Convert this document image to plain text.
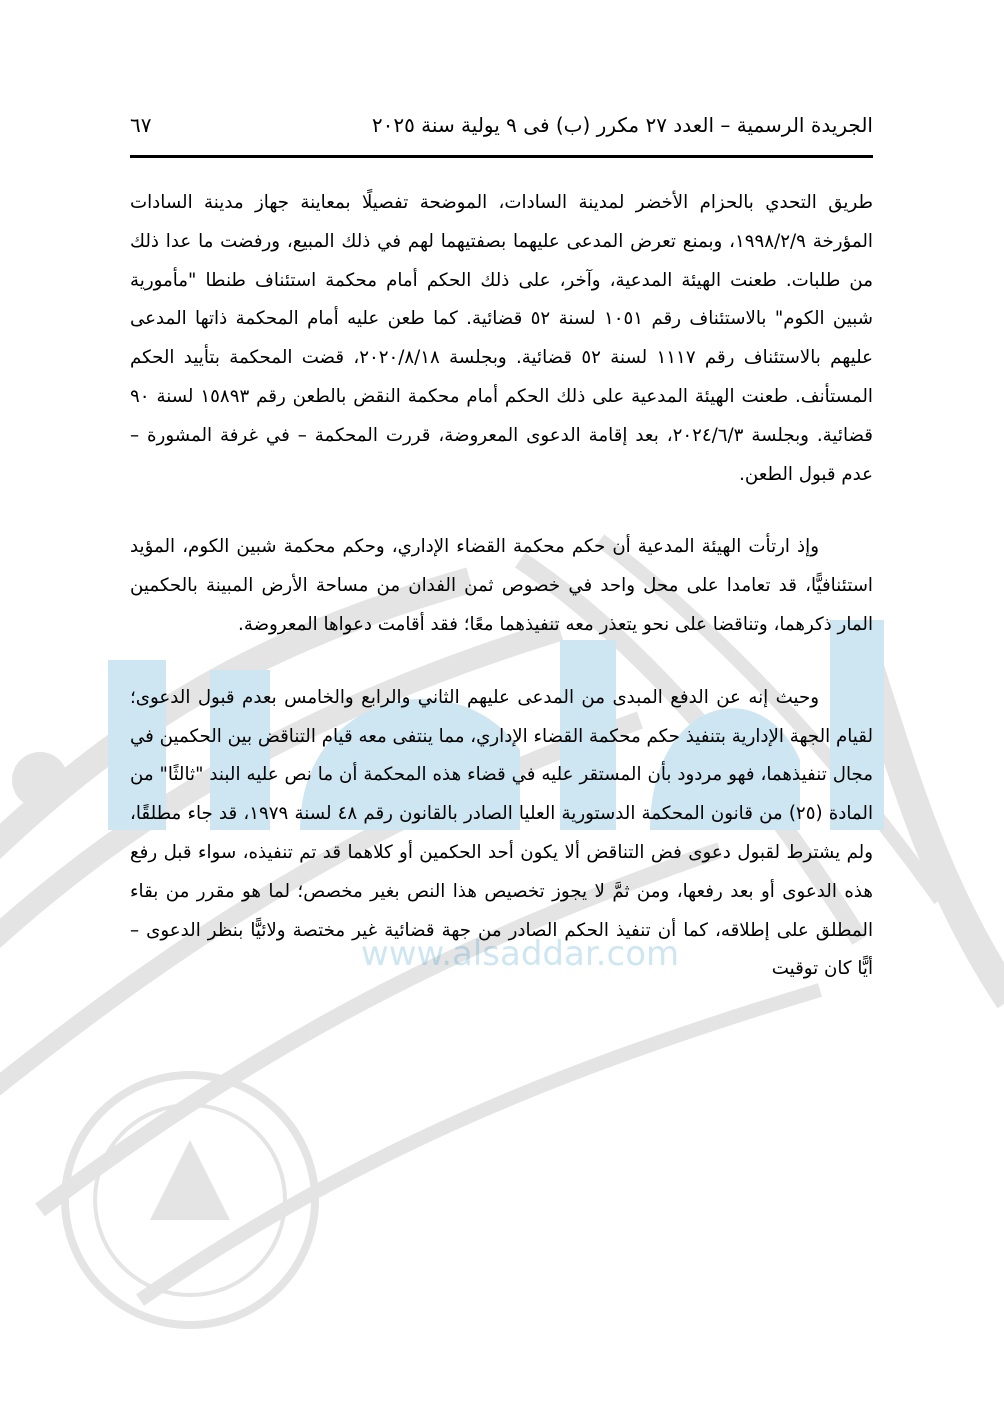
www.alsaddar.com
الجريدة الرسمية – العدد ٢٧ مكرر (ب) فى ٩ يولية سنة ٢٠٢٥
٦٧

طريق التحدي بالحزام الأخضر لمدينة السادات، الموضحة تفصيلًا بمعاينة جهاز مدينة السادات المؤرخة ١٩٩٨/٢/٩، وبمنع تعرض المدعى عليهما بصفتيهما لهم في ذلك المبيع، ورفضت ما عدا ذلك من طلبات. طعنت الهيئة المدعية، وآخر، على ذلك الحكم أمام محكمة استئناف طنطا "مأمورية شبين الكوم" بالاستئناف رقم ١٠٥١ لسنة ٥٢ قضائية. كما طعن عليه أمام المحكمة ذاتها المدعى عليهم بالاستئناف رقم ١١١٧ لسنة ٥٢ قضائية. وبجلسة ٢٠٢٠/٨/١٨، قضت المحكمة بتأييد الحكم المستأنف. طعنت الهيئة المدعية على ذلك الحكم أمام محكمة النقض بالطعن رقم ١٥٨٩٣ لسنة ٩٠ قضائية. وبجلسة ٢٠٢٤/٦/٣، بعد إقامة الدعوى المعروضة، قررت المحكمة – في غرفة المشورة – عدم قبول الطعن.

وإذ ارتأت الهيئة المدعية أن حكم محكمة القضاء الإداري، وحكم محكمة شبين الكوم، المؤيد استئنافيًّا، قد تعامدا على محل واحد في خصوص ثمن الفدان من مساحة الأرض المبينة بالحكمين المار ذكرهما، وتناقضا على نحو يتعذر معه تنفيذهما معًا؛ فقد أقامت دعواها المعروضة.

وحيث إنه عن الدفع المبدى من المدعى عليهم الثاني والرابع والخامس بعدم قبول الدعوى؛ لقيام الجهة الإدارية بتنفيذ حكم محكمة القضاء الإداري، مما ينتفى معه قيام التناقض بين الحكمين في مجال تنفيذهما، فهو مردود بأن المستقر عليه في قضاء هذه المحكمة أن ما نص عليه البند "ثالثًا" من المادة (٢٥) من قانون المحكمة الدستورية العليا الصادر بالقانون رقم ٤٨ لسنة ١٩٧٩، قد جاء مطلقًا، ولم يشترط لقبول دعوى فض التناقض ألا يكون أحد الحكمين أو كلاهما قد تم تنفيذه، سواء قبل رفع هذه الدعوى أو بعد رفعها، ومن ثمَّ لا يجوز تخصيص هذا النص بغير مخصص؛ لما هو مقرر من بقاء المطلق على إطلاقه، كما أن تنفيذ الحكم الصادر من جهة قضائية غير مختصة ولائيًّا بنظر الدعوى – أيًّا كان توقيت
